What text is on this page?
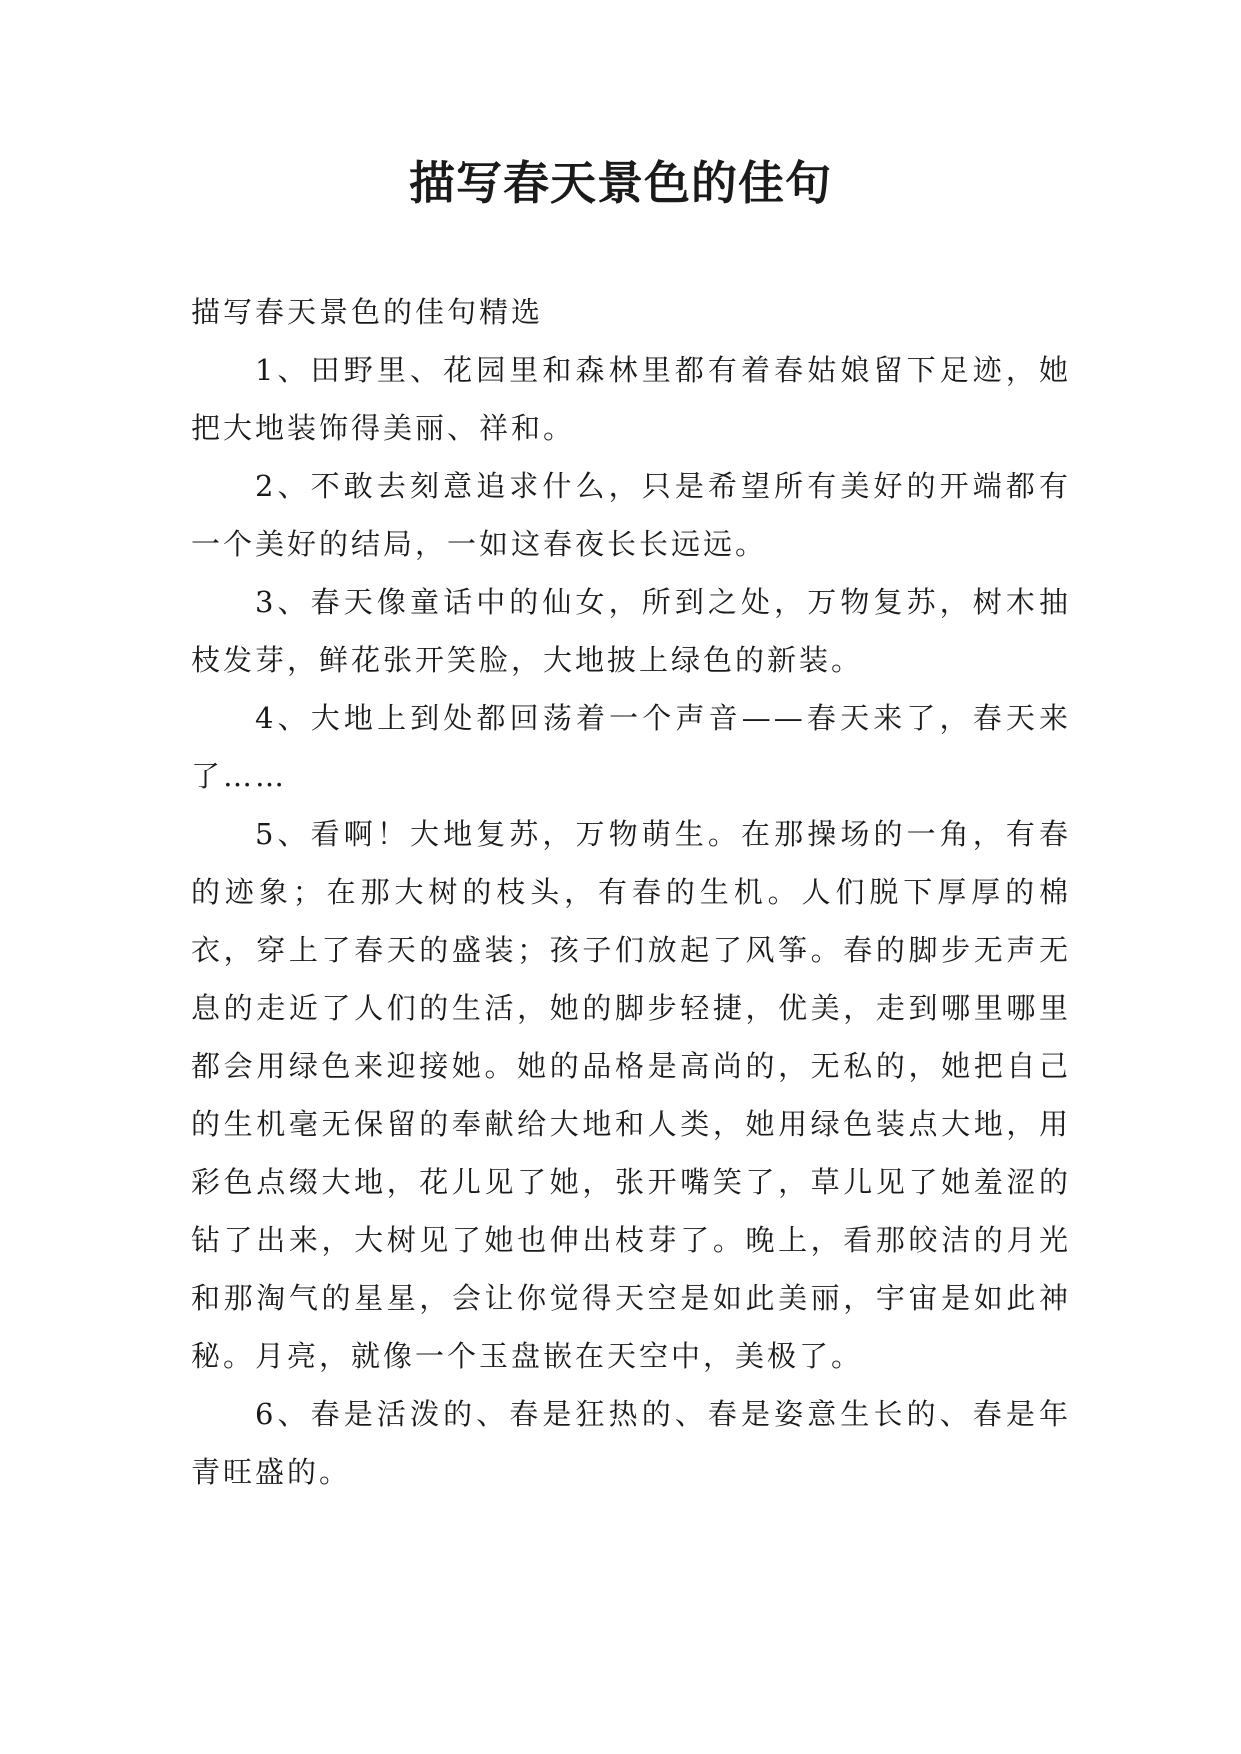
描写春天景色的佳句

描写春天景色的佳句精选

1、田野里、花园里和森林里都有着春姑娘留下足迹，她把大地装饰得美丽、祥和。

2、不敢去刻意追求什么，只是希望所有美好的开端都有一个美好的结局，一如这春夜长长远远。

3、春天像童话中的仙女，所到之处，万物复苏，树木抽枝发芽，鲜花张开笑脸，大地披上绿色的新装。

4、大地上到处都回荡着一个声音——春天来了，春天来了……

5、看啊！大地复苏，万物萌生。在那操场的一角，有春的迹象；在那大树的枝头，有春的生机。人们脱下厚厚的棉衣，穿上了春天的盛装；孩子们放起了风筝。春的脚步无声无息的走近了人们的生活，她的脚步轻捷，优美，走到哪里哪里都会用绿色来迎接她。她的品格是高尚的，无私的，她把自己的生机毫无保留的奉献给大地和人类，她用绿色装点大地，用彩色点缀大地，花儿见了她，张开嘴笑了，草儿见了她羞涩的钻了出来，大树见了她也伸出枝芽了。晚上，看那皎洁的月光和那淘气的星星，会让你觉得天空是如此美丽，宇宙是如此神秘。月亮，就像一个玉盘嵌在天空中，美极了。

6、春是活泼的、春是狂热的、春是姿意生长的、春是年青旺盛的。
